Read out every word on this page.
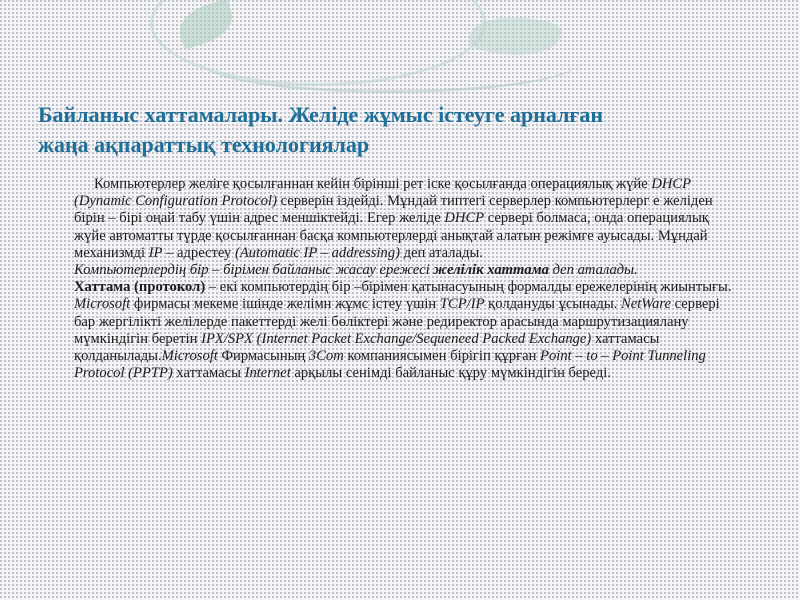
Байланыс хаттамалары. Желіде жұмыс істеуге арналған
жаңа ақпараттық технологиялар

Компьютерлер желіге қосылғаннан кейін бірінші рет іске қосылғанда операциялық жүйе DHCP (Dynamic Configuration Protocol) серверін іздейді. Мұндай типтегі серверлер компьютерлерг е желіден бірін – бірі оңай табу үшін адрес меншіктейді. Егер желіде DHCP сервері болмаса, онда операциялық жүйе автоматты түрде қосылғаннан басқа компьютерлерді анықтай алатын режімге ауысады. Мұндай механизмді IP – адрестеу (Automatic IP – addressing) деп аталады.

Компьютерлердің бір – бірімен байланыс жасау ережесі желілік хаттама деп аталады.

Хаттама (протокол) – екі компьютердің бір –бірімен қатынасуының формалды ережелерінің жиынтығы.

Microsoft фирмасы мекеме ішінде желімн жұмс істеу үшін TCP/IP қолдануды ұсынады. NetWare сервері бар жергілікті желілерде пакеттерді желі бөліктері және редиректор арасында маршрутизациялану мүмкіндігін беретін IPX/SPX (Internet Packet Exchange/Sequeneed Packed Exchange) хаттамасы қолданылады.Microsoft Фирмасының 3Com компаниясымен бірігіп құрған Point – to – Point Tunneling Protocol (PPTP) хаттамасы Internet арқылы сенімді байланыс құру мүмкіндігін береді.
